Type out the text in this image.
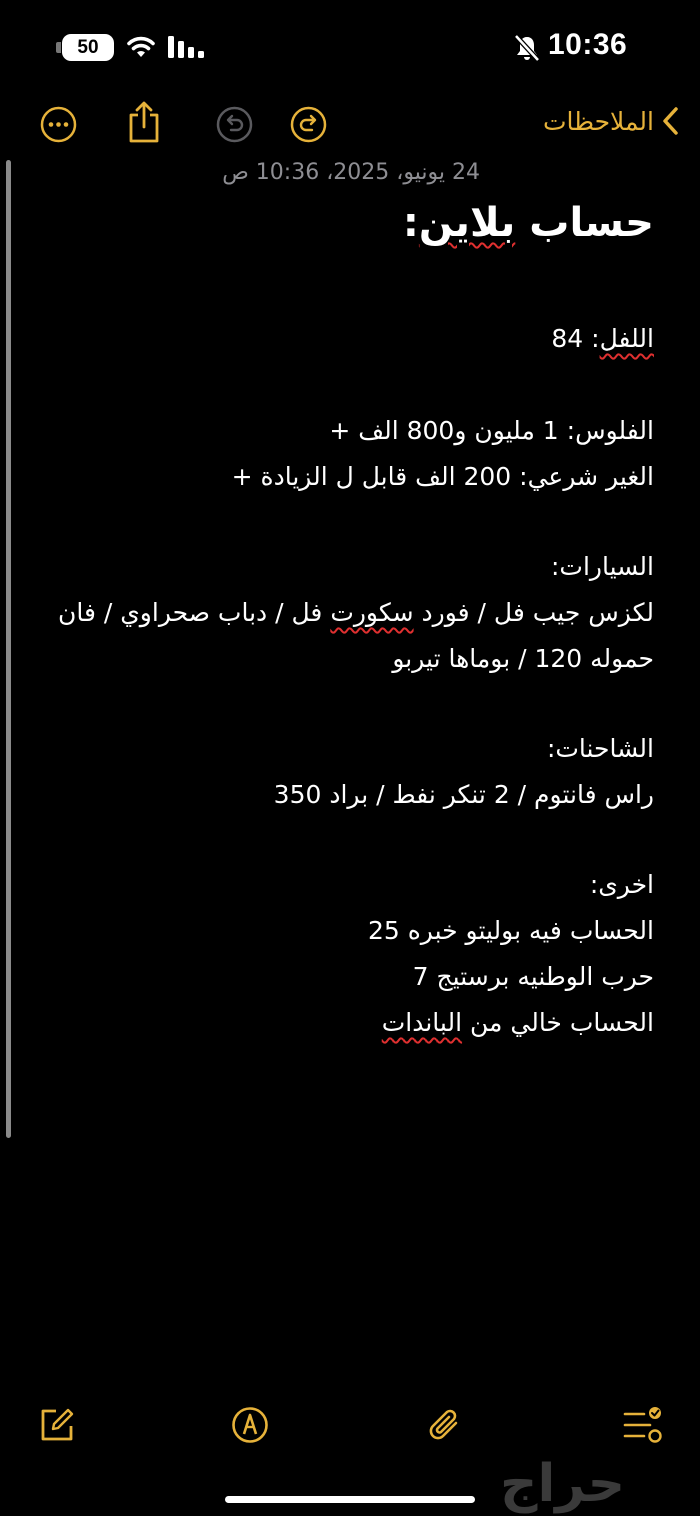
50	10:36
الملاحظات
24 يونيو، 2025، 10:36 ص
حساب بلاين:
اللفل: 84
الفلوس: 1 مليون و800 الف +
الغير شرعي: 200 الف قابل ل الزيادة +
السيارات:
لكزس جيب فل / فورد سكورت فل / دباب صحراوي / فان
حموله 120 / بوماها تيربو
الشاحنات:
راس فانتوم / 2 تنكر نفط / براد 350
اخرى:
الحساب فيه بوليتو خبره 25
حرب الوطنيه برستيج 7
الحساب خالي من الباندات
حراج
